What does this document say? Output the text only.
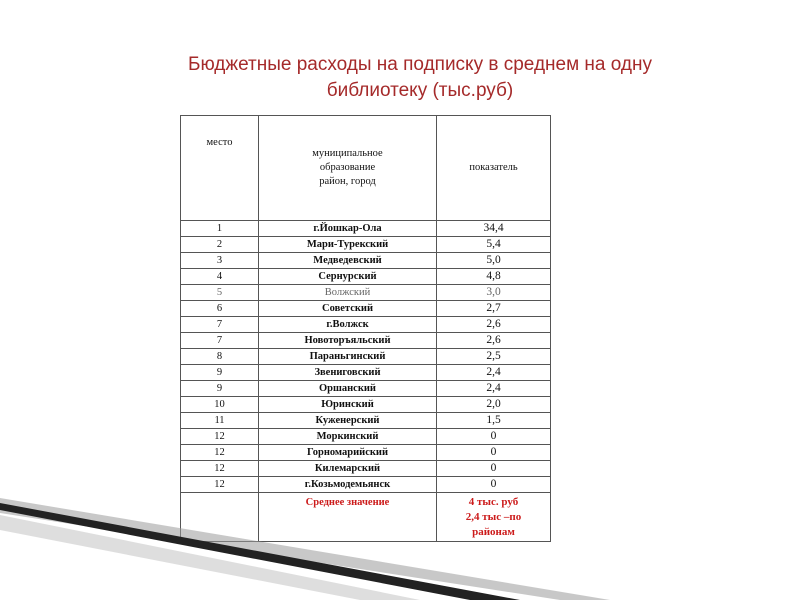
Бюджетные расходы на подписку в среднем на одну
библиотеку (тыс.руб)
место	муниципальное
образование
район, город	показатель
1	г.Йошкар-Ола	34,4
2	Мари-Турекский	5,4
3	Медведевский	5,0
4	Сернурский	4,8
5	Волжский	3,0
6	Советский	2,7
7	г.Волжск	2,6
7	Новоторъяльский	2,6
8	Параньгинский	2,5
9	Звениговский	2,4
9	Оршанский	2,4
10	Юринский	2,0
11	Куженерский	1,5
12	Моркинский	0
12	Горномарийский	0
12	Килемарский	0
12	г.Козьмодемьянск	0
	Среднее значение	4 тыс. руб
2,4 тыс –по
районам
